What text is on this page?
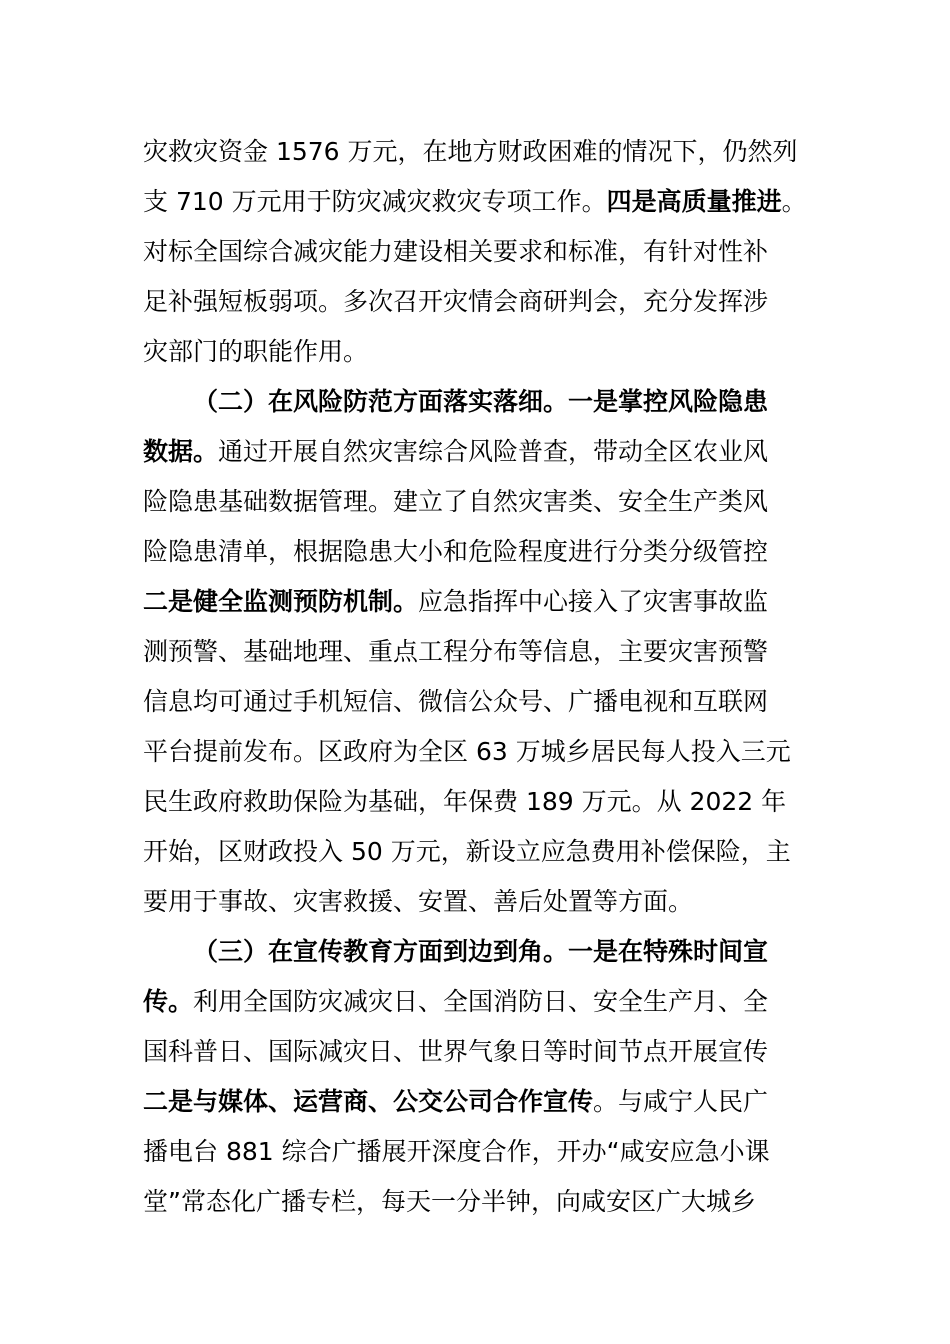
灾救灾资金 1576 万元，在地方财政困难的情况下，仍然列
支 710 万元用于防灾减灾救灾专项工作。四是高质量推进。
对标全国综合减灾能力建设相关要求和标准，有针对性补
足补强短板弱项。多次召开灾情会商研判会，充分发挥涉
灾部门的职能作用。
（二）在风险防范方面落实落细。一是掌控风险隐患
数据。通过开展自然灾害综合风险普查，带动全区农业风
险隐患基础数据管理。建立了自然灾害类、安全生产类风
险隐患清单，根据隐患大小和危险程度进行分类分级管控
二是健全监测预防机制。应急指挥中心接入了灾害事故监
测预警、基础地理、重点工程分布等信息，主要灾害预警
信息均可通过手机短信、微信公众号、广播电视和互联网
平台提前发布。区政府为全区 63 万城乡居民每人投入三元
民生政府救助保险为基础，年保费 189 万元。从 2022 年
开始，区财政投入 50 万元，新设立应急费用补偿保险，主
要用于事故、灾害救援、安置、善后处置等方面。
（三）在宣传教育方面到边到角。一是在特殊时间宣
传。利用全国防灾减灾日、全国消防日、安全生产月、全
国科普日、国际减灾日、世界气象日等时间节点开展宣传
二是与媒体、运营商、公交公司合作宣传。与咸宁人民广
播电台 881 综合广播展开深度合作，开办“咸安应急小课
堂”常态化广播专栏，每天一分半钟，向咸安区广大城乡
